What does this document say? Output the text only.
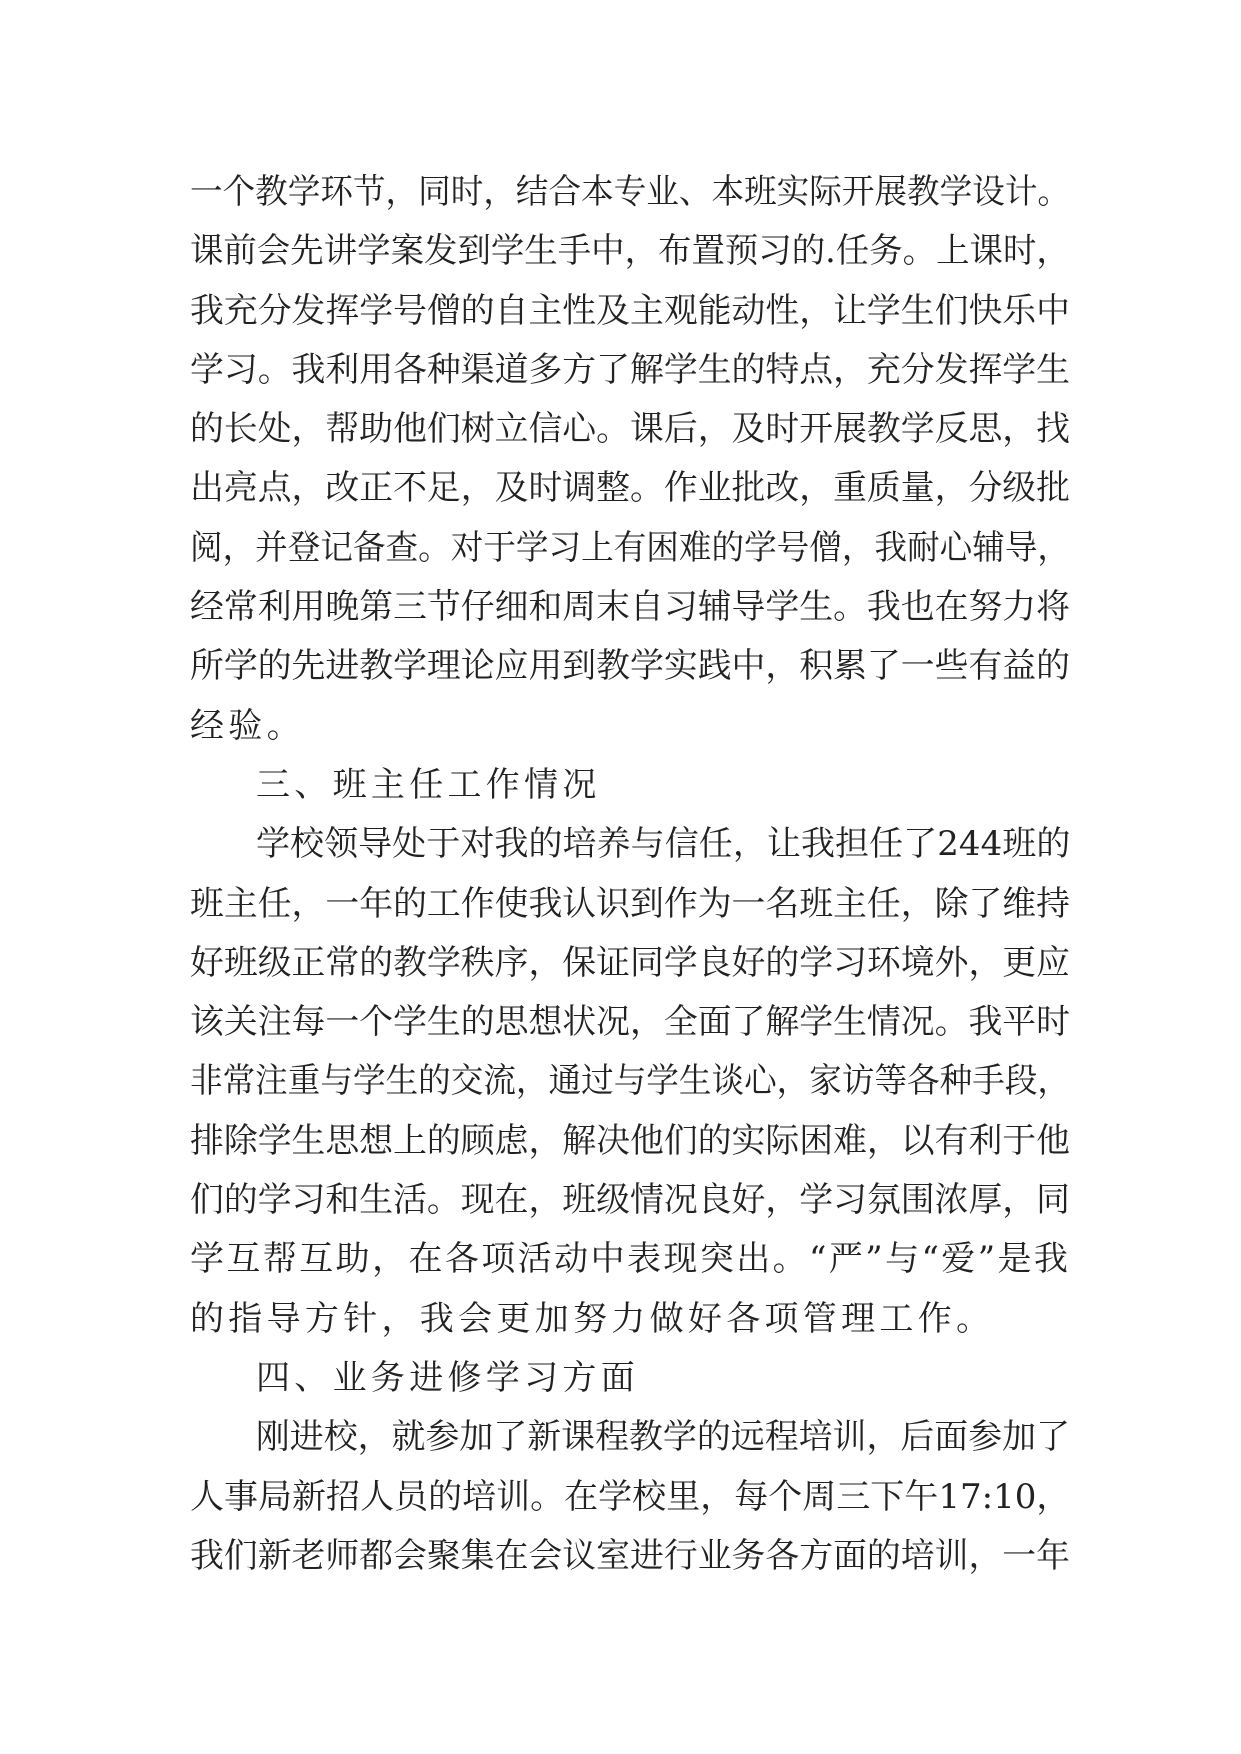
一个教学环节，同时，结合本专业、本班实际开展教学设计。
课前会先讲学案发到学生手中，布置预习的.任务。上课时，
我充分发挥学号僧的自主性及主观能动性，让学生们快乐中
学习。我利用各种渠道多方了解学生的特点，充分发挥学生
的长处，帮助他们树立信心。课后，及时开展教学反思，找
出亮点，改正不足，及时调整。作业批改，重质量，分级批
阅，并登记备查。对于学习上有困难的学号僧，我耐心辅导，
经常利用晚第三节仔细和周末自习辅导学生。我也在努力将
所学的先进教学理论应用到教学实践中，积累了一些有益的
经验。
三、班主任工作情况
学校领导处于对我的培养与信任，让我担任了244班的
班主任，一年的工作使我认识到作为一名班主任，除了维持
好班级正常的教学秩序，保证同学良好的学习环境外，更应
该关注每一个学生的思想状况，全面了解学生情况。我平时
非常注重与学生的交流，通过与学生谈心，家访等各种手段，
排除学生思想上的顾虑，解决他们的实际困难，以有利于他
们的学习和生活。现在，班级情况良好，学习氛围浓厚，同
学互帮互助，在各项活动中表现突出。“严”与“爱”是我
的指导方针，我会更加努力做好各项管理工作。
四、业务进修学习方面
刚进校，就参加了新课程教学的远程培训，后面参加了
人事局新招人员的培训。在学校里，每个周三下午17:10，
我们新老师都会聚集在会议室进行业务各方面的培训，一年
